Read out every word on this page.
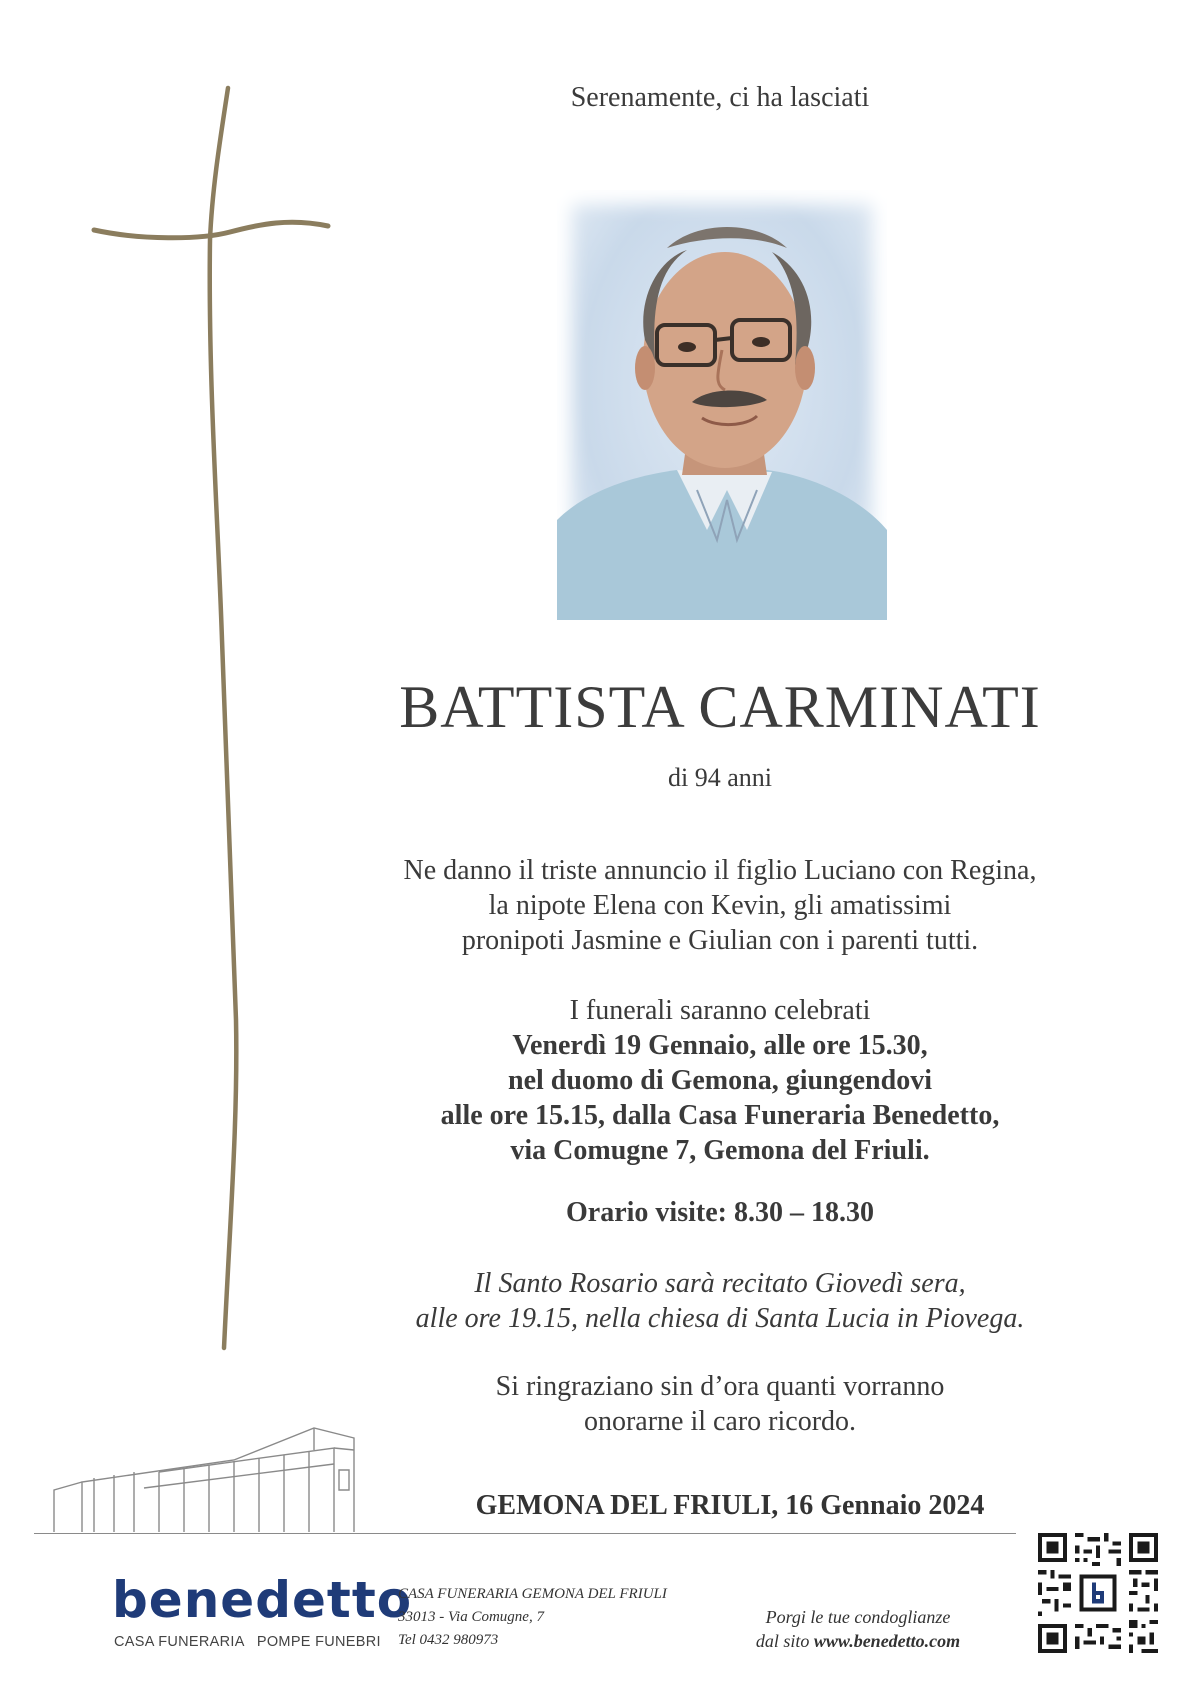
Serenamente, ci ha lasciati
BATTISTA CARMINATI
di 94 anni
Ne danno il triste annuncio il figlio Luciano con Regina,
la nipote Elena con Kevin, gli amatissimi
pronipoti Jasmine e Giulian con i parenti tutti.
I funerali saranno celebrati
Venerdì 19 Gennaio, alle ore 15.30,
nel duomo di Gemona, giungendovi
alle ore 15.15, dalla Casa Funeraria Benedetto,
via Comugne 7, Gemona del Friuli.
Orario visite: 8.30 – 18.30
Il Santo Rosario sarà recitato Giovedì sera,
alle ore 19.15, nella chiesa di Santa Lucia in Piovega.
Si ringraziano sin d’ora quanti vorranno
onorarne il caro ricordo.
GEMONA DEL FRIULI, 16 Gennaio 2024
benedetto
CASA FUNERARIA   POMPE FUNEBRI
CASA FUNERARIA GEMONA DEL FRIULI
33013 - Via Comugne, 7
Tel 0432 980973
Porgi le tue condoglianze
dal sito www.benedetto.com
